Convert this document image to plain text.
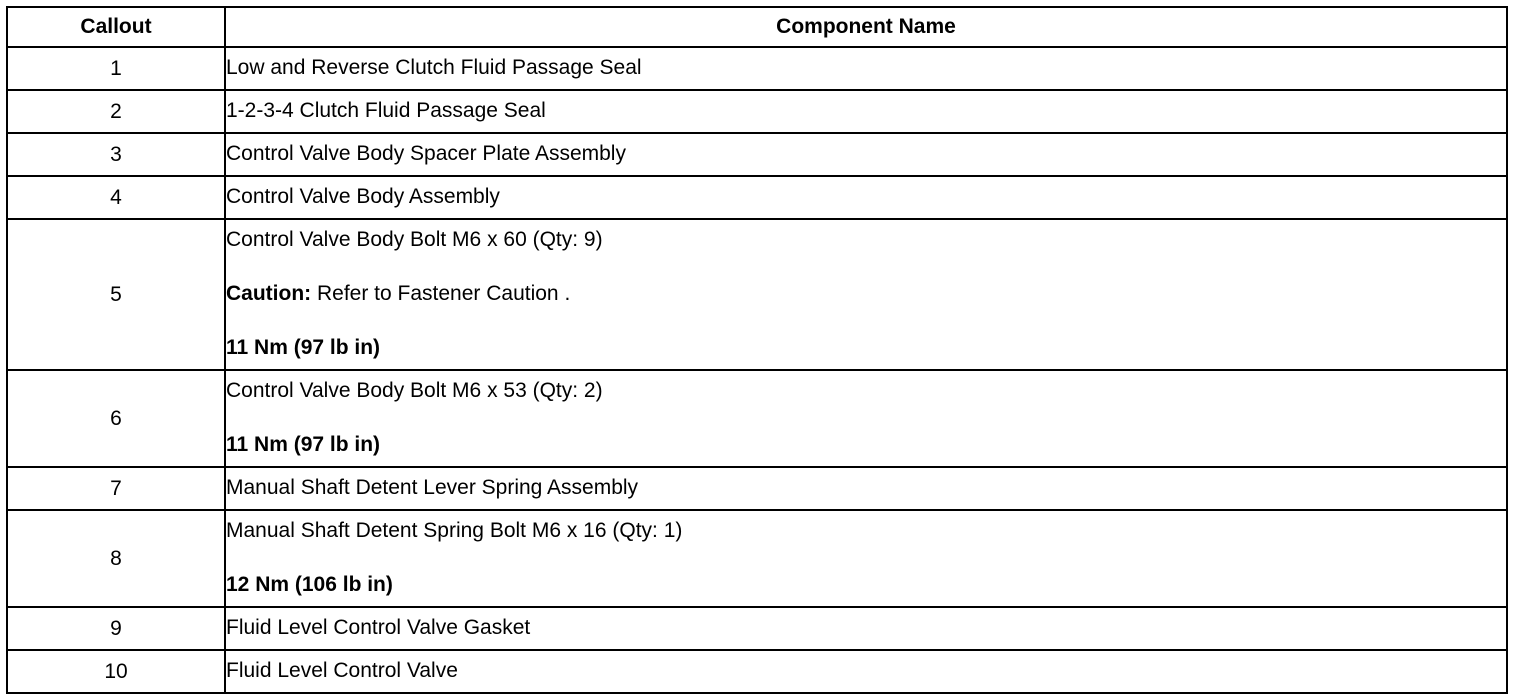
Callout	Component Name
1	Low and Reverse Clutch Fluid Passage Seal

2	1-2-3-4 Clutch Fluid Passage Seal

3	Control Valve Body Spacer Plate Assembly

4	Control Valve Body Assembly

5	Control Valve Body Bolt M6 x 60 (Qty: 9)
Caution: Refer to Fastener Caution .
11 Nm (97 lb in)

6	Control Valve Body Bolt M6 x 53 (Qty: 2)
11 Nm (97 lb in)

7	Manual Shaft Detent Lever Spring Assembly

8	Manual Shaft Detent Spring Bolt M6 x 16 (Qty: 1)
12 Nm (106 lb in)

9	Fluid Level Control Valve Gasket

10	Fluid Level Control Valve
